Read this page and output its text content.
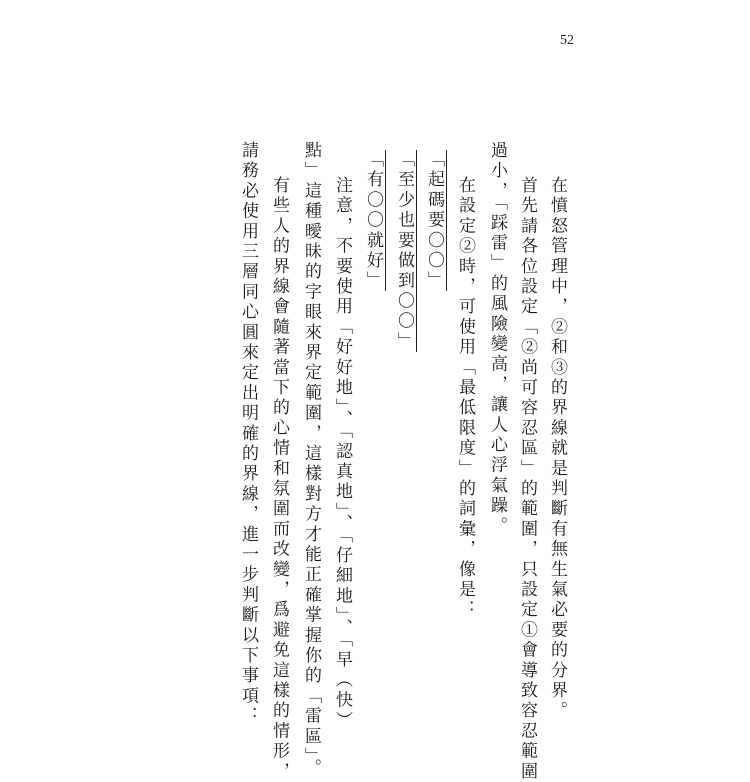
52
在憤怒管理中，②和③的界線就是判斷有無生氣必要的分界。
首先請各位設定「②尚可容忍區」的範圍，只設定①會導致容忍範圍
過小，「踩雷」的風險變高，讓人心浮氣躁。
在設定②時，可使用「最低限度」的詞彙，像是：
「起碼要〇〇」
「至少也要做到〇〇」
「有〇〇就好」
注意，不要使用「好好地」、「認真地」、「仔細地」、「早（快）
點」這種曖昧的字眼來界定範圍，這樣對方才能正確掌握你的「雷區」。
有些人的界線會隨著當下的心情和氛圍而改變，爲避免這樣的情形，
請務必使用三層同心圓來定出明確的界線，進一步判斷以下事項：
